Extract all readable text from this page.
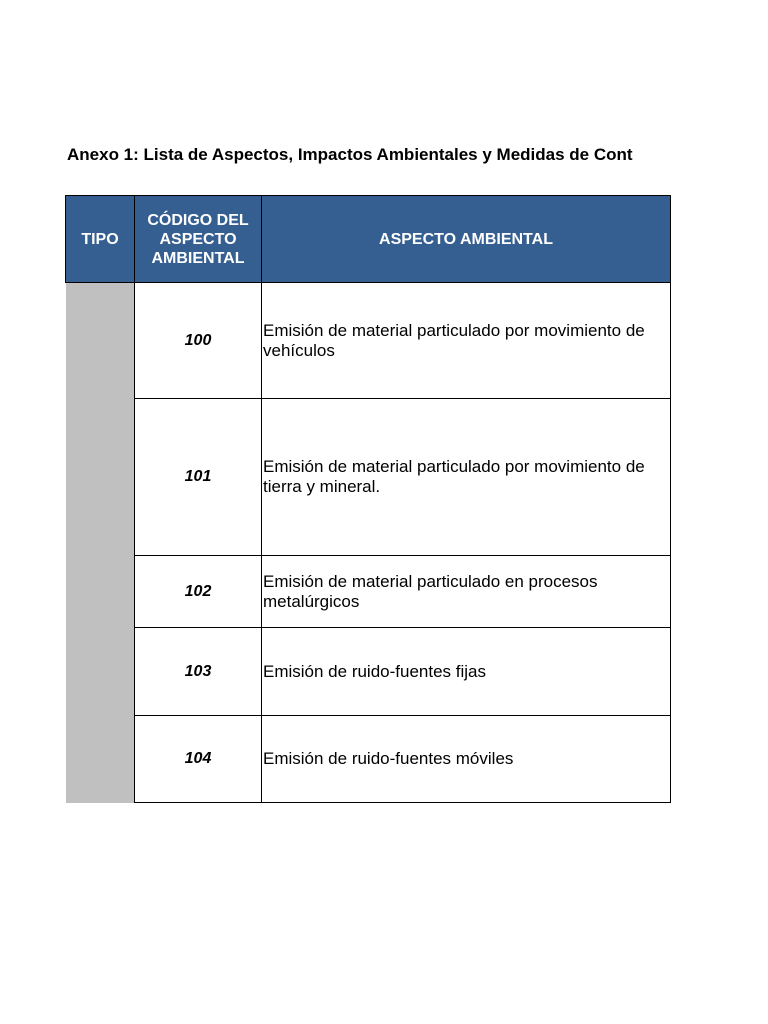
Anexo 1: Lista de Aspectos, Impactos Ambientales y Medidas de Cont
TIPO	CÓDIGO DEL ASPECTO AMBIENTAL	ASPECTO AMBIENTAL
	100	Emisión de material particulado por movimiento de vehículos

	101	Emisión de material particulado por movimiento de tierra y mineral.

	102	Emisión de material particulado en procesos metalúrgicos

	103	Emisión de ruido-fuentes fijas

	104	Emisión de ruido-fuentes móviles
